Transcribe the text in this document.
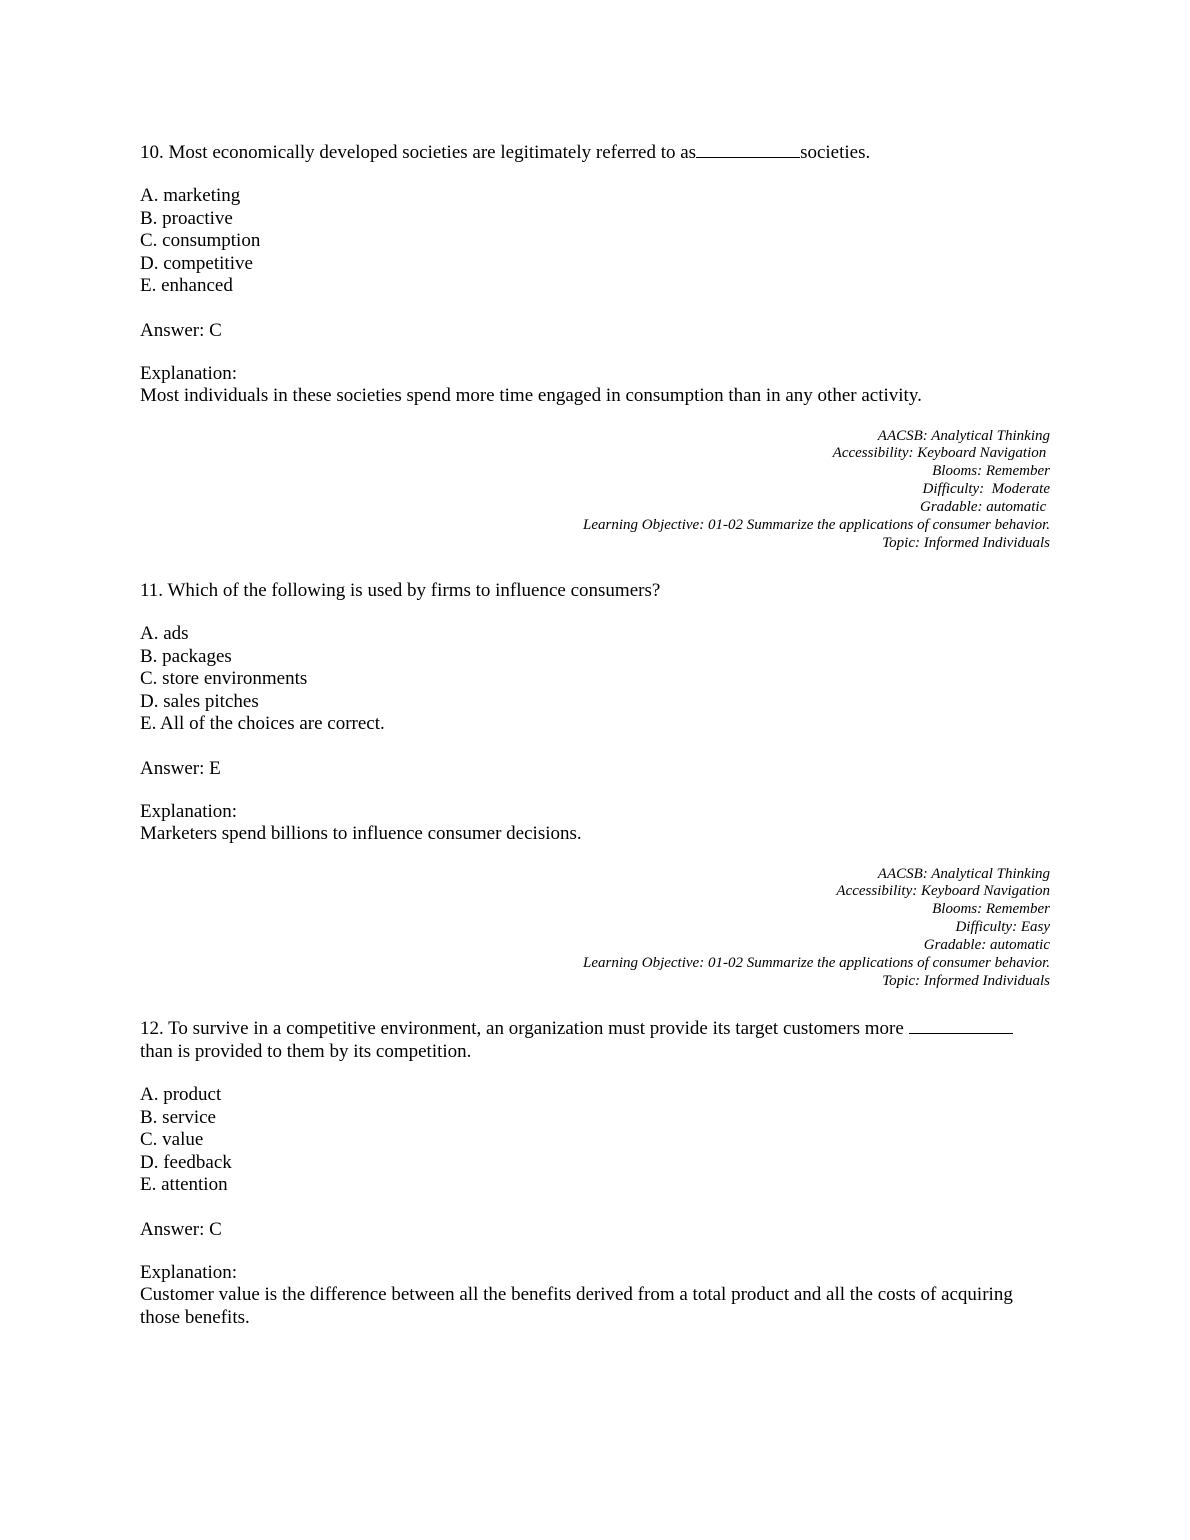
10. Most economically developed societies are legitimately referred to as	societies.

A. marketing
B. proactive
C. consumption
D. competitive
E. enhanced

Answer: C

Explanation:
Most individuals in these societies spend more time engaged in consumption than in any other activity.
AACSB: Analytical Thinking
Accessibility: Keyboard Navigation
Blooms: Remember
Difficulty:  Moderate
Gradable: automatic
Learning Objective: 01-02 Summarize the applications of consumer behavior.
Topic: Informed Individuals

11. Which of the following is used by firms to influence consumers?

A. ads
B. packages
C. store environments
D. sales pitches
E. All of the choices are correct.

Answer: E

Explanation:
Marketers spend billions to influence consumer decisions.
AACSB: Analytical Thinking
Accessibility: Keyboard Navigation
Blooms: Remember
Difficulty: Easy
Gradable: automatic
Learning Objective: 01-02 Summarize the applications of consumer behavior.
Topic: Informed Individuals

12. To survive in a competitive environment, an organization must provide its target customers more
than is provided to them by its competition.

A. product
B. service
C. value
D. feedback
E. attention

Answer: C

Explanation:
Customer value is the difference between all the benefits derived from a total product and all the costs of acquiring those benefits.
